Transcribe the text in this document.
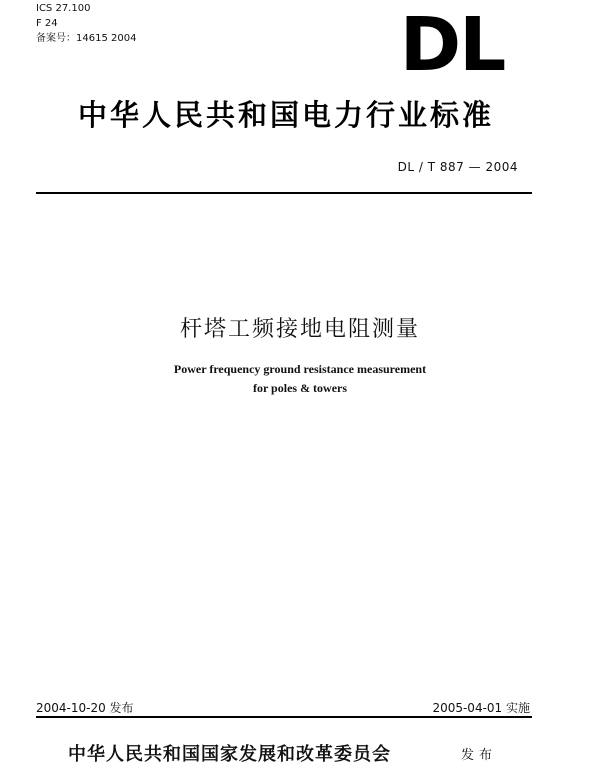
ICS 27.100
F 24
备案号：14615 2004	DL
中华人民共和国电力行业标准
DL / T 887 — 2004
杆塔工频接地电阻测量
Power frequency ground resistance measurement
for poles & towers
2004-10-20 发布	2005-04-01 实施
中华人民共和国国家发展和改革委员会	发布
